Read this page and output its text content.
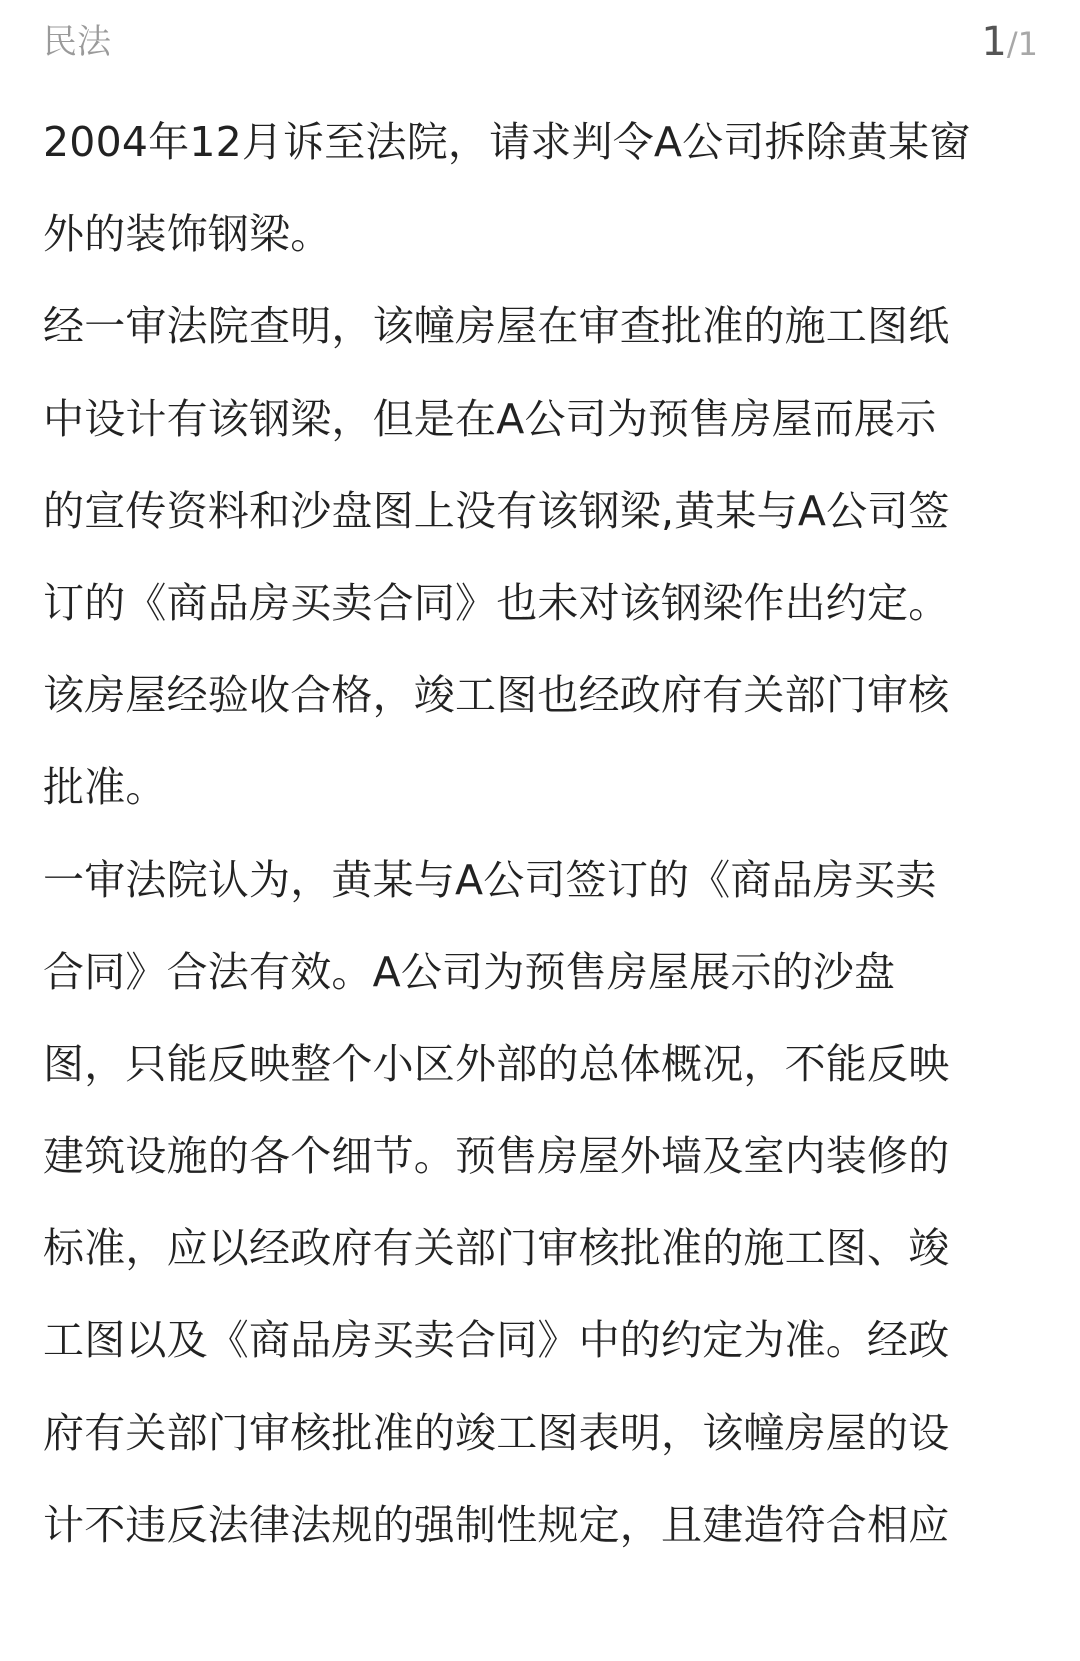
民法	1/1
2004年12月诉至法院，请求判令A公司拆除黄某窗
外的装饰钢梁。
经一审法院查明，该幢房屋在审查批准的施工图纸
中设计有该钢梁，但是在A公司为预售房屋而展示
的宣传资料和沙盘图上没有该钢梁,黄某与A公司签
订的《商品房买卖合同》也未对该钢梁作出约定。
该房屋经验收合格，竣工图也经政府有关部门审核
批准。
一审法院认为，黄某与A公司签订的《商品房买卖
合同》合法有效。A公司为预售房屋展示的沙盘
图，只能反映整个小区外部的总体概况，不能反映
建筑设施的各个细节。预售房屋外墙及室内装修的
标准，应以经政府有关部门审核批准的施工图、竣
工图以及《商品房买卖合同》中的约定为准。经政
府有关部门审核批准的竣工图表明，该幢房屋的设
计不违反法律法规的强制性规定，且建造符合相应
